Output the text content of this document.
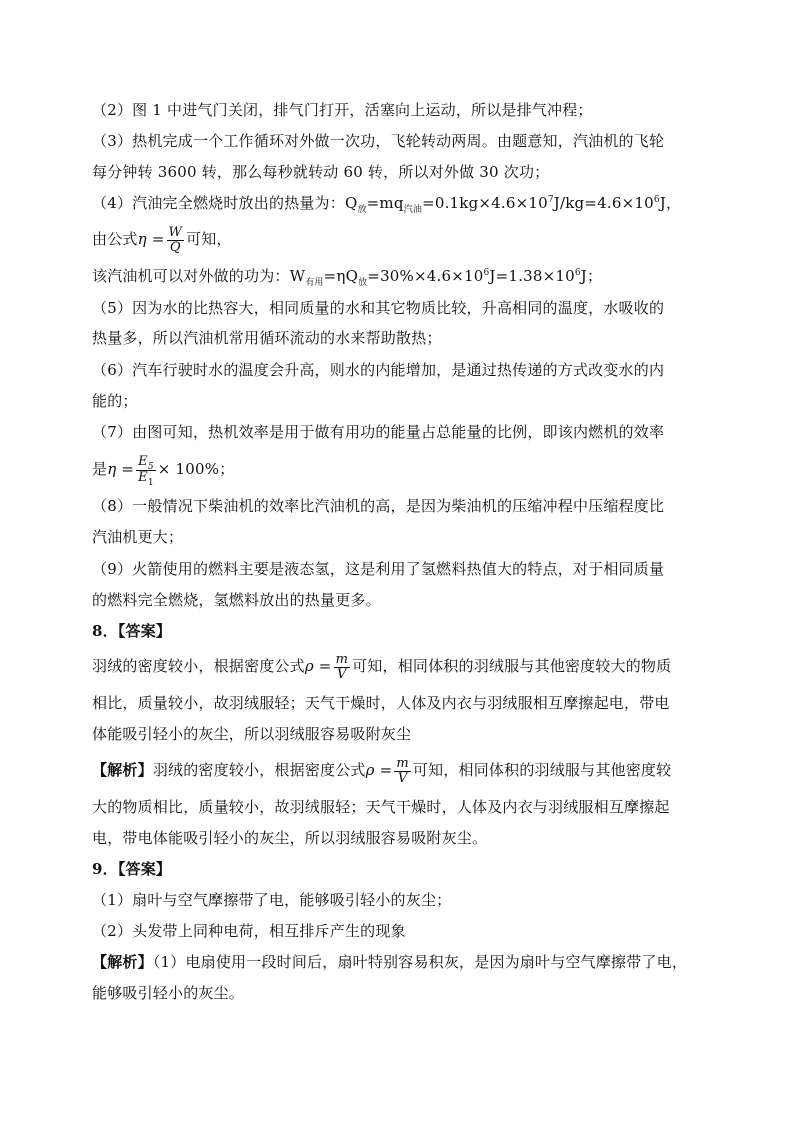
（2）图 1 中进气门关闭，排气门打开，活塞向上运动，所以是排气冲程；
（3）热机完成一个工作循环对外做一次功，飞轮转动两周。由题意知，汽油机的飞轮
每分钟转 3600 转，那么每秒就转动 60 转，所以对外做 30 次功；
（4）汽油完全燃烧时放出的热量为：$Q_放=mq_{汽油}=0.1kg\times 4.6\times 10^7J/kg=4.6\times 10^6J$，
由公式$\eta = \frac{W}{Q}$ 可知，
该汽油机可以对外做的功为：$W_{有用}=\eta Q_放=30\%\times 4.6\times 10^6J=1.38\times 10^6J$；
（5）因为水的比热容大，相同质量的水和其它物质比较，升高相同的温度，水吸收的
热量多，所以汽油机常用循环流动的水来帮助散热；
（6）汽车行驶时水的温度会升高，则水的内能增加，是通过热传递的方式改变水的内
能的；
（7）由图可知，热机效率是用于做有用功的能量占总能量的比例，即该内燃机的效率
是$\eta = \frac{E_5}{E_1} \times 100\%$；
（8）一般情况下柴油机的效率比汽油机的高，是因为柴油机的压缩冲程中压缩程度比
汽油机更大；
（9）火箭使用的燃料主要是液态氢，这是利用了氢燃料热值大的特点，对于相同质量
的燃料完全燃烧，氢燃料放出的热量更多。
8．【答案】
羽绒的密度较小，根据密度公式$\rho = \frac{m}{V}$ 可知，相同体积的羽绒服与其他密度较大的物质
相比，质量较小，故羽绒服轻；天气干燥时，人体及内衣与羽绒服相互摩擦起电，带电
体能吸引轻小的灰尘，所以羽绒服容易吸附灰尘
【解析】羽绒的密度较小，根据密度公式$\rho = \frac{m}{V}$ 可知，相同体积的羽绒服与其他密度较
大的物质相比，质量较小，故羽绒服轻；天气干燥时，人体及内衣与羽绒服相互摩擦起
电，带电体能吸引轻小的灰尘，所以羽绒服容易吸附灰尘。
9．【答案】
（1）扇叶与空气摩擦带了电，能够吸引轻小的灰尘；
（2）头发带上同种电荷，相互排斥产生的现象
【解析】（1）电扇使用一段时间后，扇叶特别容易积灰，是因为扇叶与空气摩擦带了电，
能够吸引轻小的灰尘。
